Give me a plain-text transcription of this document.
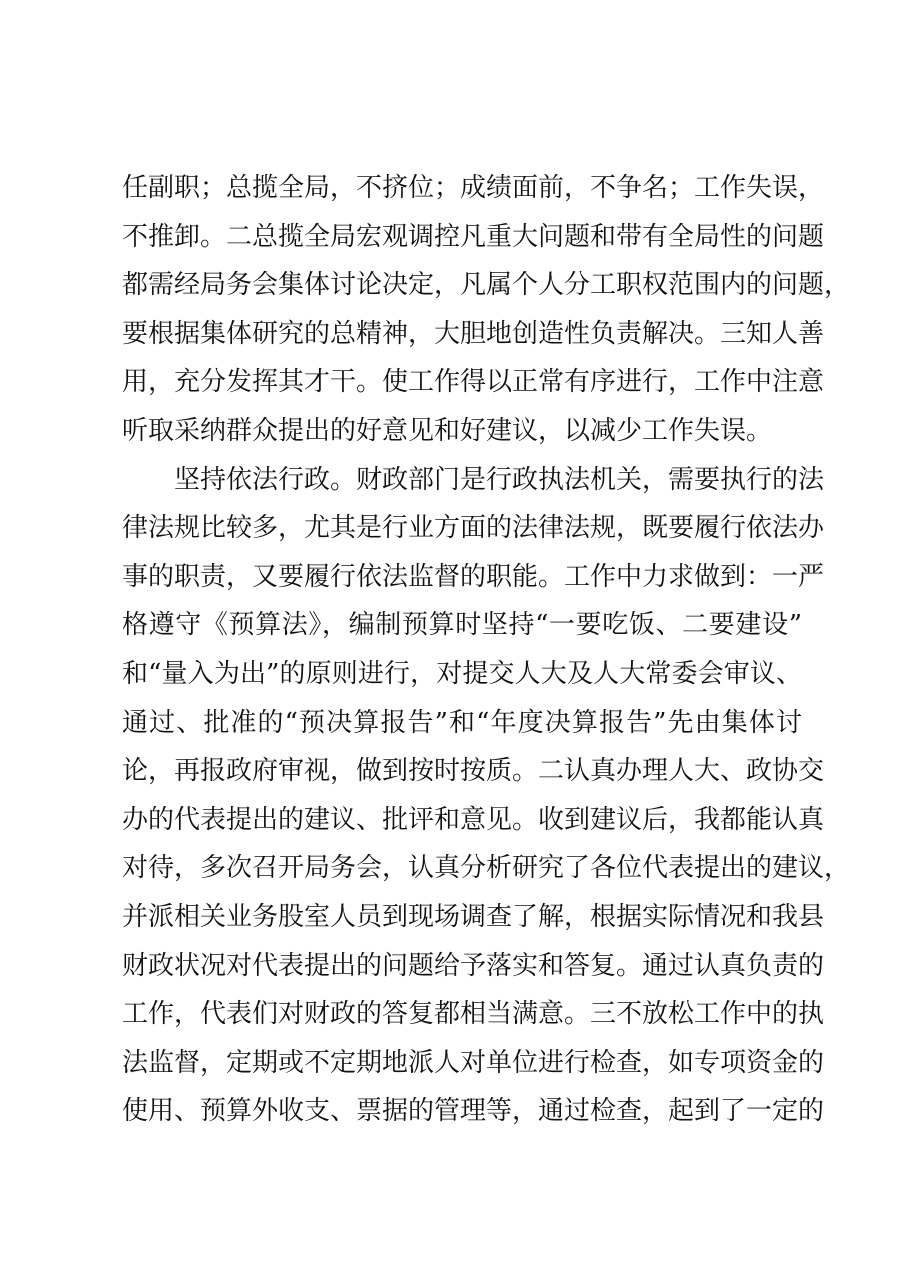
任副职；总揽全局，不挤位；成绩面前，不争名；工作失误，
不推卸。二总揽全局宏观调控凡重大问题和带有全局性的问题
都需经局务会集体讨论决定，凡属个人分工职权范围内的问题，
要根据集体研究的总精神，大胆地创造性负责解决。三知人善
用，充分发挥其才干。使工作得以正常有序进行，工作中注意
听取采纳群众提出的好意见和好建议，以减少工作失误。
坚持依法行政。财政部门是行政执法机关，需要执行的法
律法规比较多，尤其是行业方面的法律法规，既要履行依法办
事的职责，又要履行依法监督的职能。工作中力求做到：一严
格遵守《预算法》，编制预算时坚持“一要吃饭、二要建设”
和“量入为出”的原则进行，对提交人大及人大常委会审议、
通过、批准的“预决算报告”和“年度决算报告”先由集体讨
论，再报政府审视，做到按时按质。二认真办理人大、政协交
办的代表提出的建议、批评和意见。收到建议后，我都能认真
对待，多次召开局务会，认真分析研究了各位代表提出的建议，
并派相关业务股室人员到现场调查了解，根据实际情况和我县
财政状况对代表提出的问题给予落实和答复。通过认真负责的
工作，代表们对财政的答复都相当满意。三不放松工作中的执
法监督，定期或不定期地派人对单位进行检查，如专项资金的
使用、预算外收支、票据的管理等，通过检查，起到了一定的
